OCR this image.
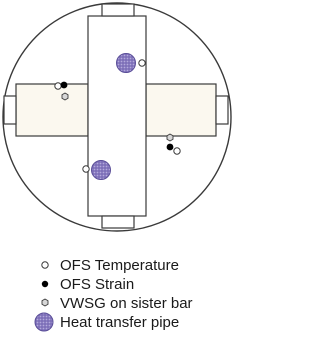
OFS Temperature
OFS Strain
VWSG on sister bar
Heat transfer pipe
